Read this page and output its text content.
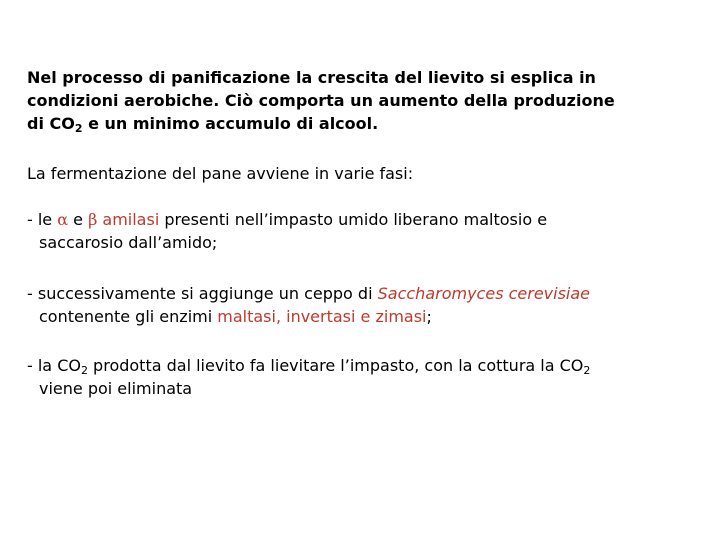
Nel processo di panificazione la crescita del lievito si esplica in
condizioni aerobiche. Ciò comporta un aumento della produzione
di $CO_2$ e un minimo accumulo di alcool.

La fermentazione del pane avviene in varie fasi:

- le α e β amilasi presenti nell’impasto umido liberano maltosio e
saccarosio dall’amido;

- successivamente si aggiunge un ceppo di Saccharomyces cerevisiae
contenente gli enzimi maltasi, invertasi e zimasi;

- la $CO_2$ prodotta dal lievito fa lievitare l’impasto, con la cottura la $CO_2$
viene poi eliminata
